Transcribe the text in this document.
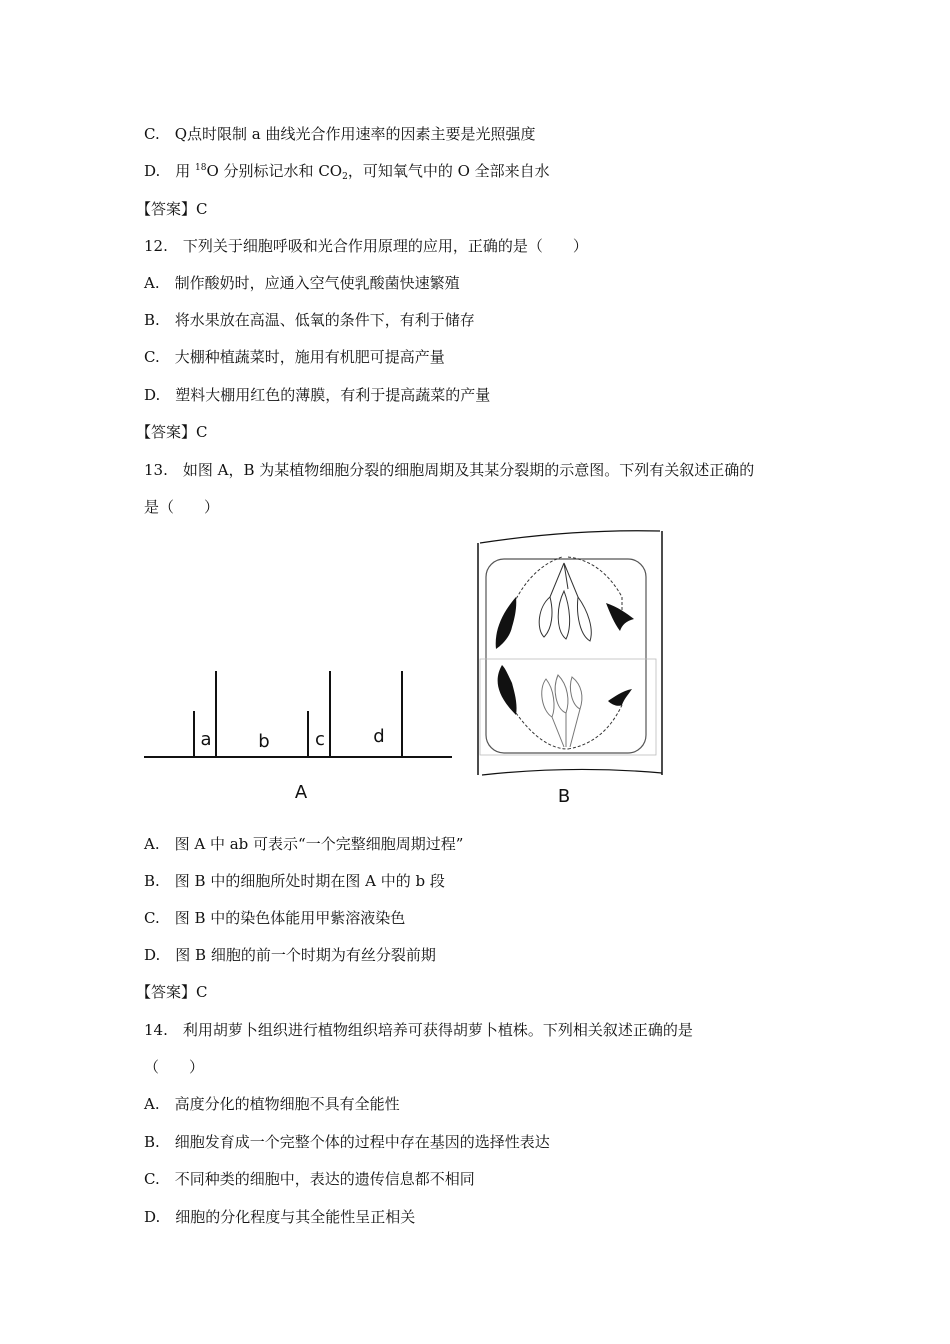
C.　Q点时限制 a 曲线光合作用速率的因素主要是光照强度
D.　用 $^{18}$O 分别标记水和 $CO_2$，可知氧气中的 O 全部来自水
【答案】C
12.　下列关于细胞呼吸和光合作用原理的应用，正确的是（　　）
A.　制作酸奶时，应通入空气使乳酸菌快速繁殖
B.　将水果放在高温、低氧的条件下，有利于储存
C.　大棚种植蔬菜时，施用有机肥可提高产量
D.　塑料大棚用红色的薄膜，有利于提高蔬菜的产量
【答案】C
13.　如图 A，B 为某植物细胞分裂的细胞周期及其某分裂期的示意图。下列有关叙述正确的
是（　　）
a	b	c	d
A	B
A.　图 A 中 ab 可表示“一个完整细胞周期过程”
B.　图 B 中的细胞所处时期在图 A 中的 b 段
C.　图 B 中的染色体能用甲紫溶液染色
D.　图 B 细胞的前一个时期为有丝分裂前期
【答案】C
14.　利用胡萝卜组织进行植物组织培养可获得胡萝卜植株。下列相关叙述正确的是
（　　）
A.　高度分化的植物细胞不具有全能性
B.　细胞发育成一个完整个体的过程中存在基因的选择性表达
C.　不同种类的细胞中，表达的遗传信息都不相同
D.　细胞的分化程度与其全能性呈正相关
